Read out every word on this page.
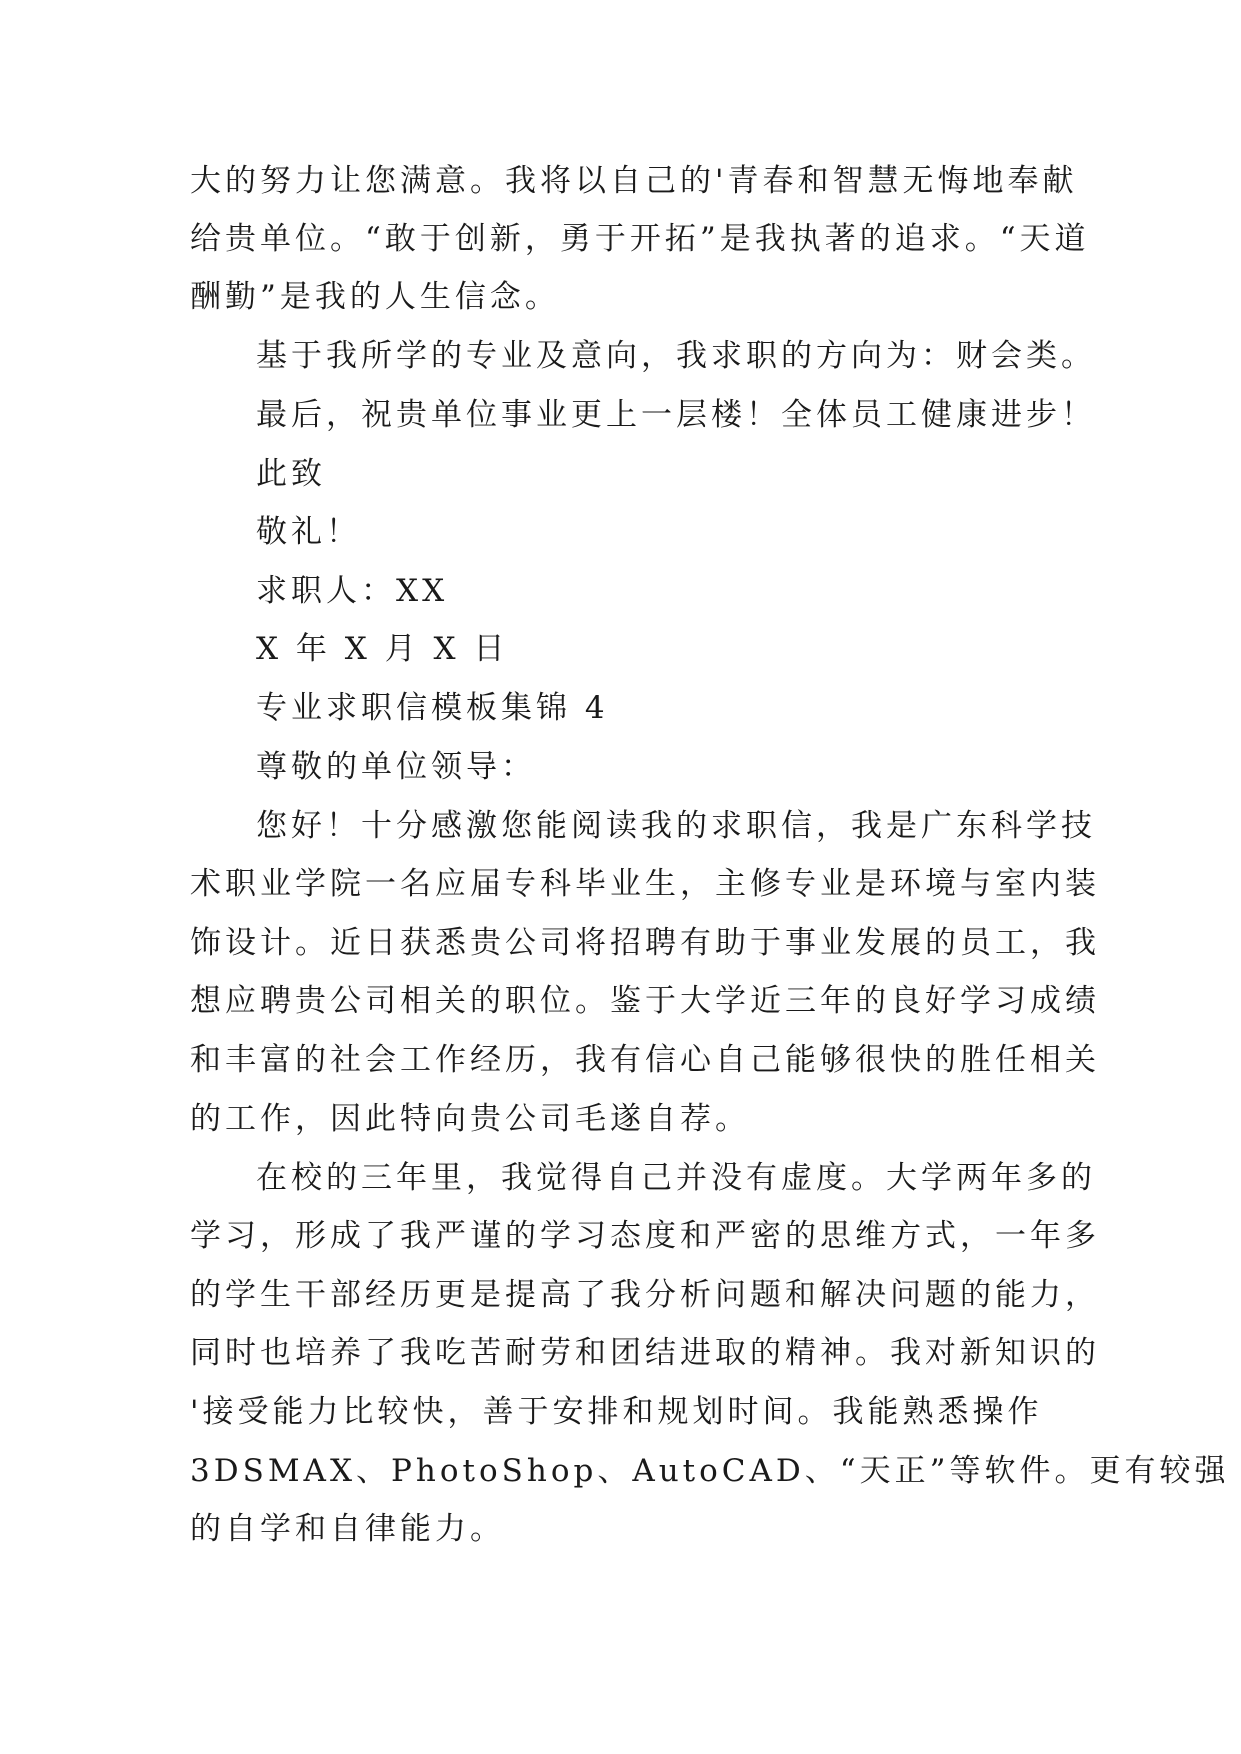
大的努力让您满意。我将以自己的'青春和智慧无悔地奉献
给贵单位。“敢于创新，勇于开拓”是我执著的追求。“天道
酬勤”是我的人生信念。
基于我所学的专业及意向，我求职的方向为：财会类。
最后，祝贵单位事业更上一层楼！全体员工健康进步！
此致
敬礼！
求职人：XX
X 年 X 月 X 日
专业求职信模板集锦 4
尊敬的单位领导：
您好！十分感激您能阅读我的求职信，我是广东科学技
术职业学院一名应届专科毕业生，主修专业是环境与室内装
饰设计。近日获悉贵公司将招聘有助于事业发展的员工，我
想应聘贵公司相关的职位。鉴于大学近三年的良好学习成绩
和丰富的社会工作经历，我有信心自己能够很快的胜任相关
的工作，因此特向贵公司毛遂自荐。
在校的三年里，我觉得自己并没有虚度。大学两年多的
学习，形成了我严谨的学习态度和严密的思维方式，一年多
的学生干部经历更是提高了我分析问题和解决问题的能力，
同时也培养了我吃苦耐劳和团结进取的精神。我对新知识的
'接受能力比较快，善于安排和规划时间。我能熟悉操作
3DSMAX、PhotoShop、AutoCAD、“天正”等软件。更有较强
的自学和自律能力。
